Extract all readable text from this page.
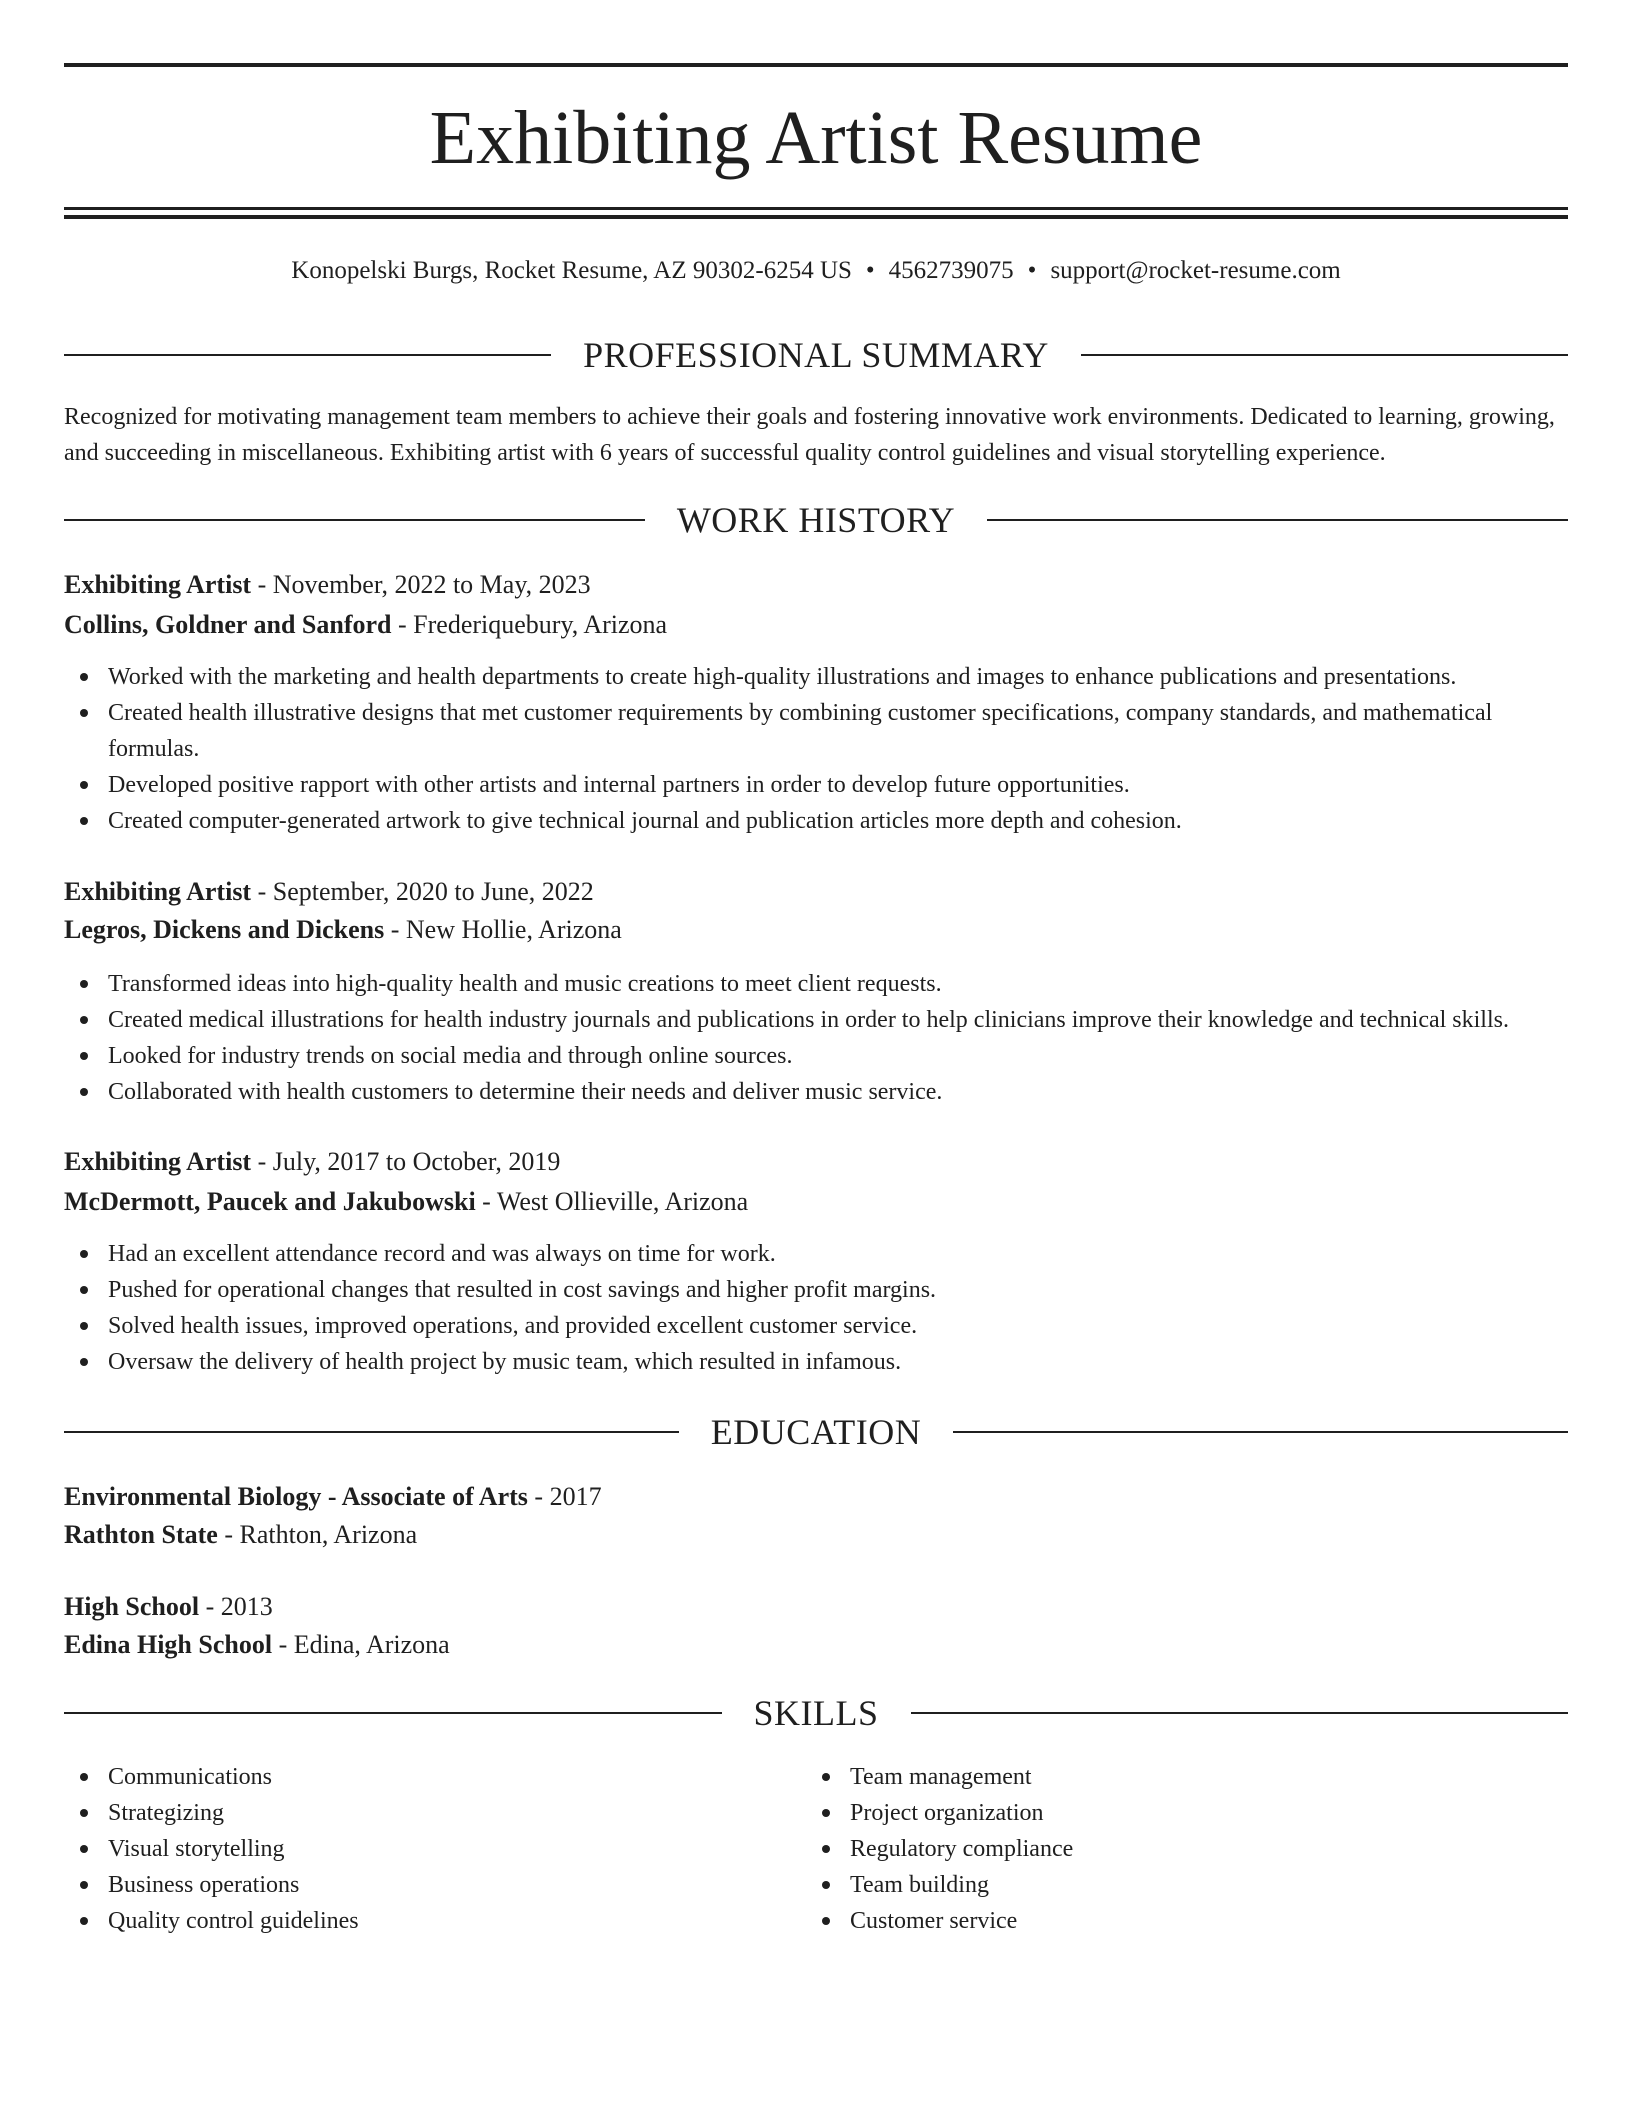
Exhibiting Artist Resume
Konopelski Burgs, Rocket Resume, AZ 90302-6254 US • 4562739075 • support@rocket-resume.com
PROFESSIONAL SUMMARY
Recognized for motivating management team members to achieve their goals and fostering innovative work environments. Dedicated to learning, growing, and succeeding in miscellaneous. Exhibiting artist with 6 years of successful quality control guidelines and visual storytelling experience.
WORK HISTORY
Exhibiting Artist - November, 2022 to May, 2023
Collins, Goldner and Sanford - Frederiquebury, Arizona
Worked with the marketing and health departments to create high-quality illustrations and images to enhance publications and presentations.
Created health illustrative designs that met customer requirements by combining customer specifications, company standards, and mathematical formulas.
Developed positive rapport with other artists and internal partners in order to develop future opportunities.
Created computer-generated artwork to give technical journal and publication articles more depth and cohesion.
Exhibiting Artist - September, 2020 to June, 2022
Legros, Dickens and Dickens - New Hollie, Arizona
Transformed ideas into high-quality health and music creations to meet client requests.
Created medical illustrations for health industry journals and publications in order to help clinicians improve their knowledge and technical skills.
Looked for industry trends on social media and through online sources.
Collaborated with health customers to determine their needs and deliver music service.
Exhibiting Artist - July, 2017 to October, 2019
McDermott, Paucek and Jakubowski - West Ollieville, Arizona
Had an excellent attendance record and was always on time for work.
Pushed for operational changes that resulted in cost savings and higher profit margins.
Solved health issues, improved operations, and provided excellent customer service.
Oversaw the delivery of health project by music team, which resulted in infamous.
EDUCATION
Environmental Biology - Associate of Arts - 2017
Rathton State - Rathton, Arizona
High School - 2013
Edina High School - Edina, Arizona
SKILLS
Communications
Strategizing
Visual storytelling
Business operations
Quality control guidelines
Team management
Project organization
Regulatory compliance
Team building
Customer service
